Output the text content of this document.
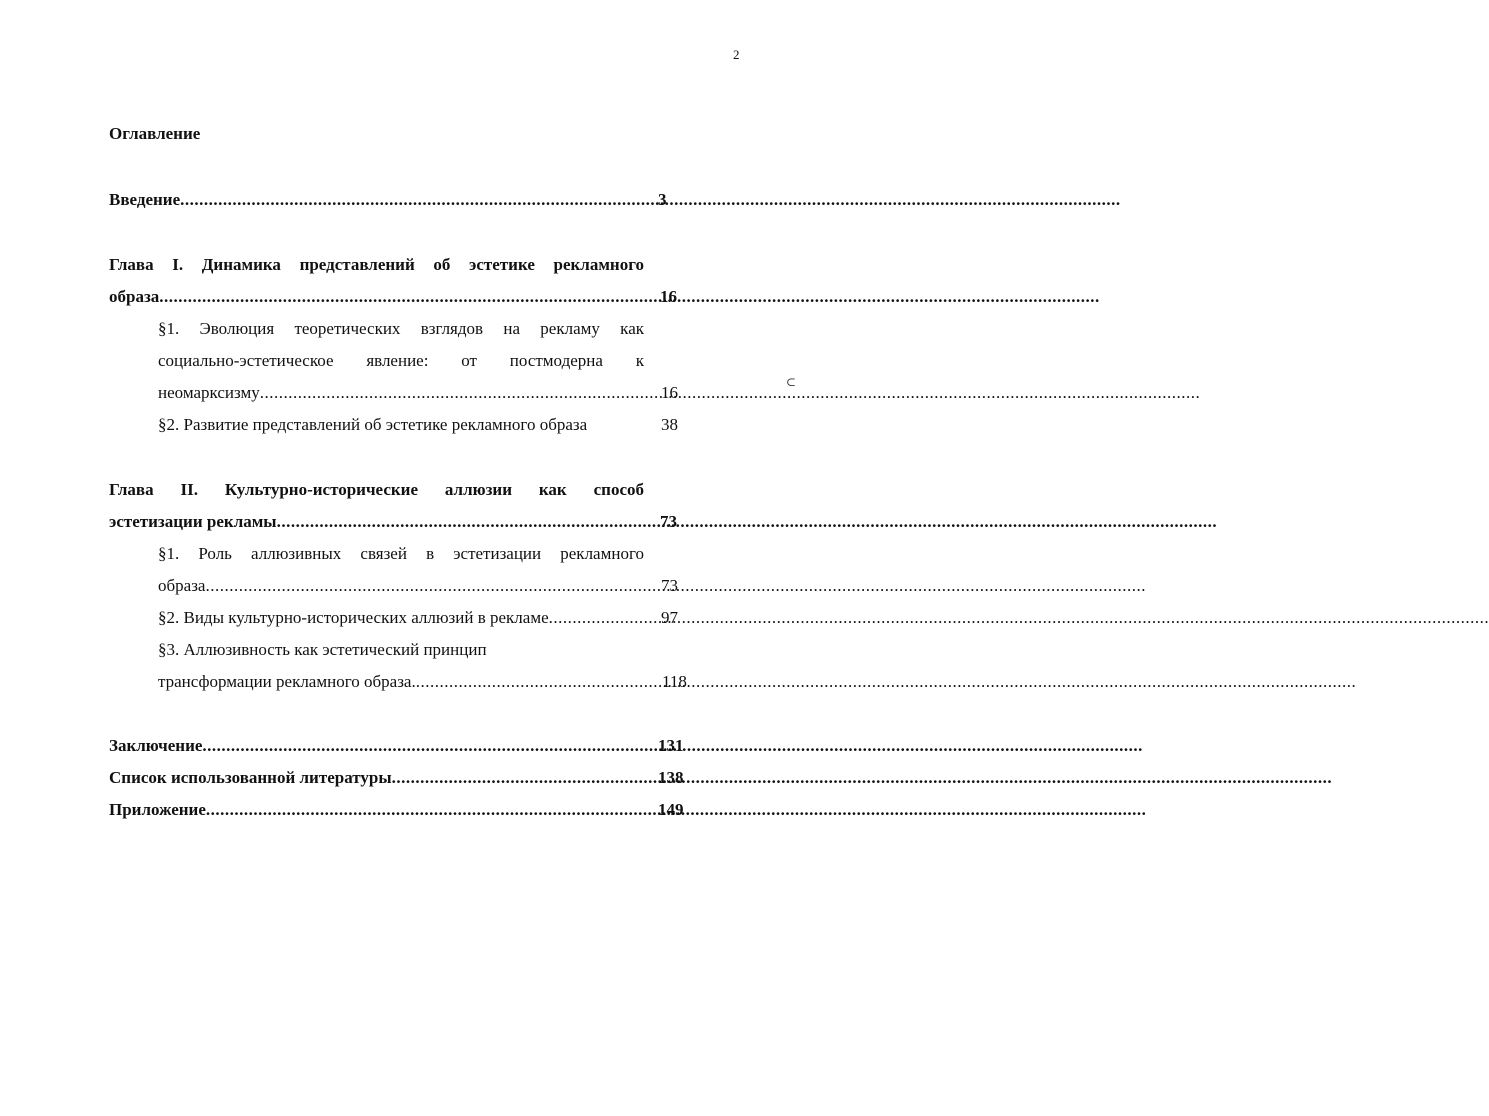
2
Оглавление
Введение .....	3
Глава I. Динамика представлений об эстетике рекламного
образа .....	16
§1. Эволюция теоретических взглядов на рекламу как
социально-эстетическое явление: от постмодерна к
неомарксизму .....	16
§2. Развитие представлений об эстетике рекламного образа	38
Глава II. Культурно-исторические аллюзии как способ
эстетизации рекламы .....	73
§1. Роль аллюзивных связей в эстетизации рекламного
образа .....	73
§2. Виды культурно-исторических аллюзий в рекламе .....	97
§3. Аллюзивность как эстетический принцип
трансформации рекламного образа. .....	118
Заключение .....	131
Список использованной литературы .....	138
Приложение .....	149
⊂
